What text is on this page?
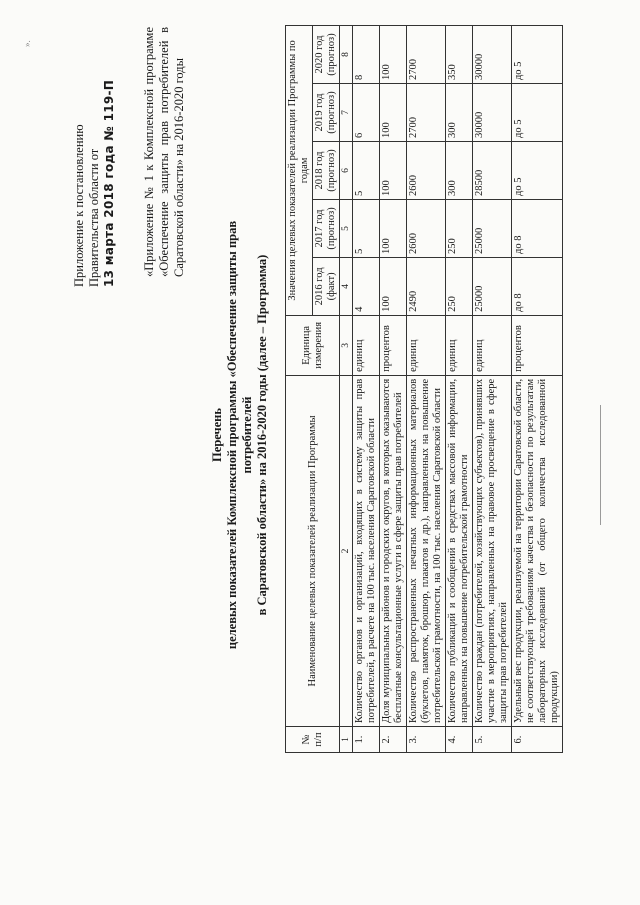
».
Приложение к постановлению Правительства области от 13 марта 2018 года № 119-П «Приложение № 1 к Комплексной программе «Обеспечение защиты прав потребителей в Саратовской области» на 2016-2020 годы
Перечень целевых показателей Комплексной программы «Обеспечение защиты прав потребителей в Саратовской области» на 2016-2020 годы (далее – Программа)
№ п/п	Наименование целевых показателей реализации Программы	Единица измерения	Значения целевых показателей реализации Программы по годам				
			2016 год (факт)	2017 год (прогноз)	2018 год (прогноз)	2019 год (прогноз)	2020 год (прогноз)
1	2	3	4	5	6	7	8
1.	Количество органов и организаций, входящих в систему защиты прав потребителей, в расчете на 100 тыс. населения Саратовской области	единиц	4	5	5	6	8
2.	Доля муниципальных районов и городских округов, в которых оказываются бесплатные консультационные услуги в сфере защиты прав потребителей	процентов	100	100	100	100	100
3.	Количество распространенных печатных информационных материалов (буклетов, памяток, брошюр, плакатов и др.), направленных на повышение потребительской грамотности, на 100 тыс. населения Саратовской области	единиц	2490	2600	2600	2700	2700
4.	Количество публикаций и сообщений в средствах массовой информации, направленных на повышение потребительской грамотности	единиц	250	250	300	300	350
5.	Количество граждан (потребителей, хозяйствующих субъектов), принявших участие в мероприятиях, направленных на правовое просвещение в сфере защиты прав потребителей	единиц	25000	25000	28500	30000	30000
6.	Удельный вес продукции, реализуемой на территории Саратовской области, не соответствующей требованиям качества и безопасности по результатам лабораторных исследований (от общего количества исследованной продукции)	процентов	до 8	до 8	до 5	до 5	до 5
